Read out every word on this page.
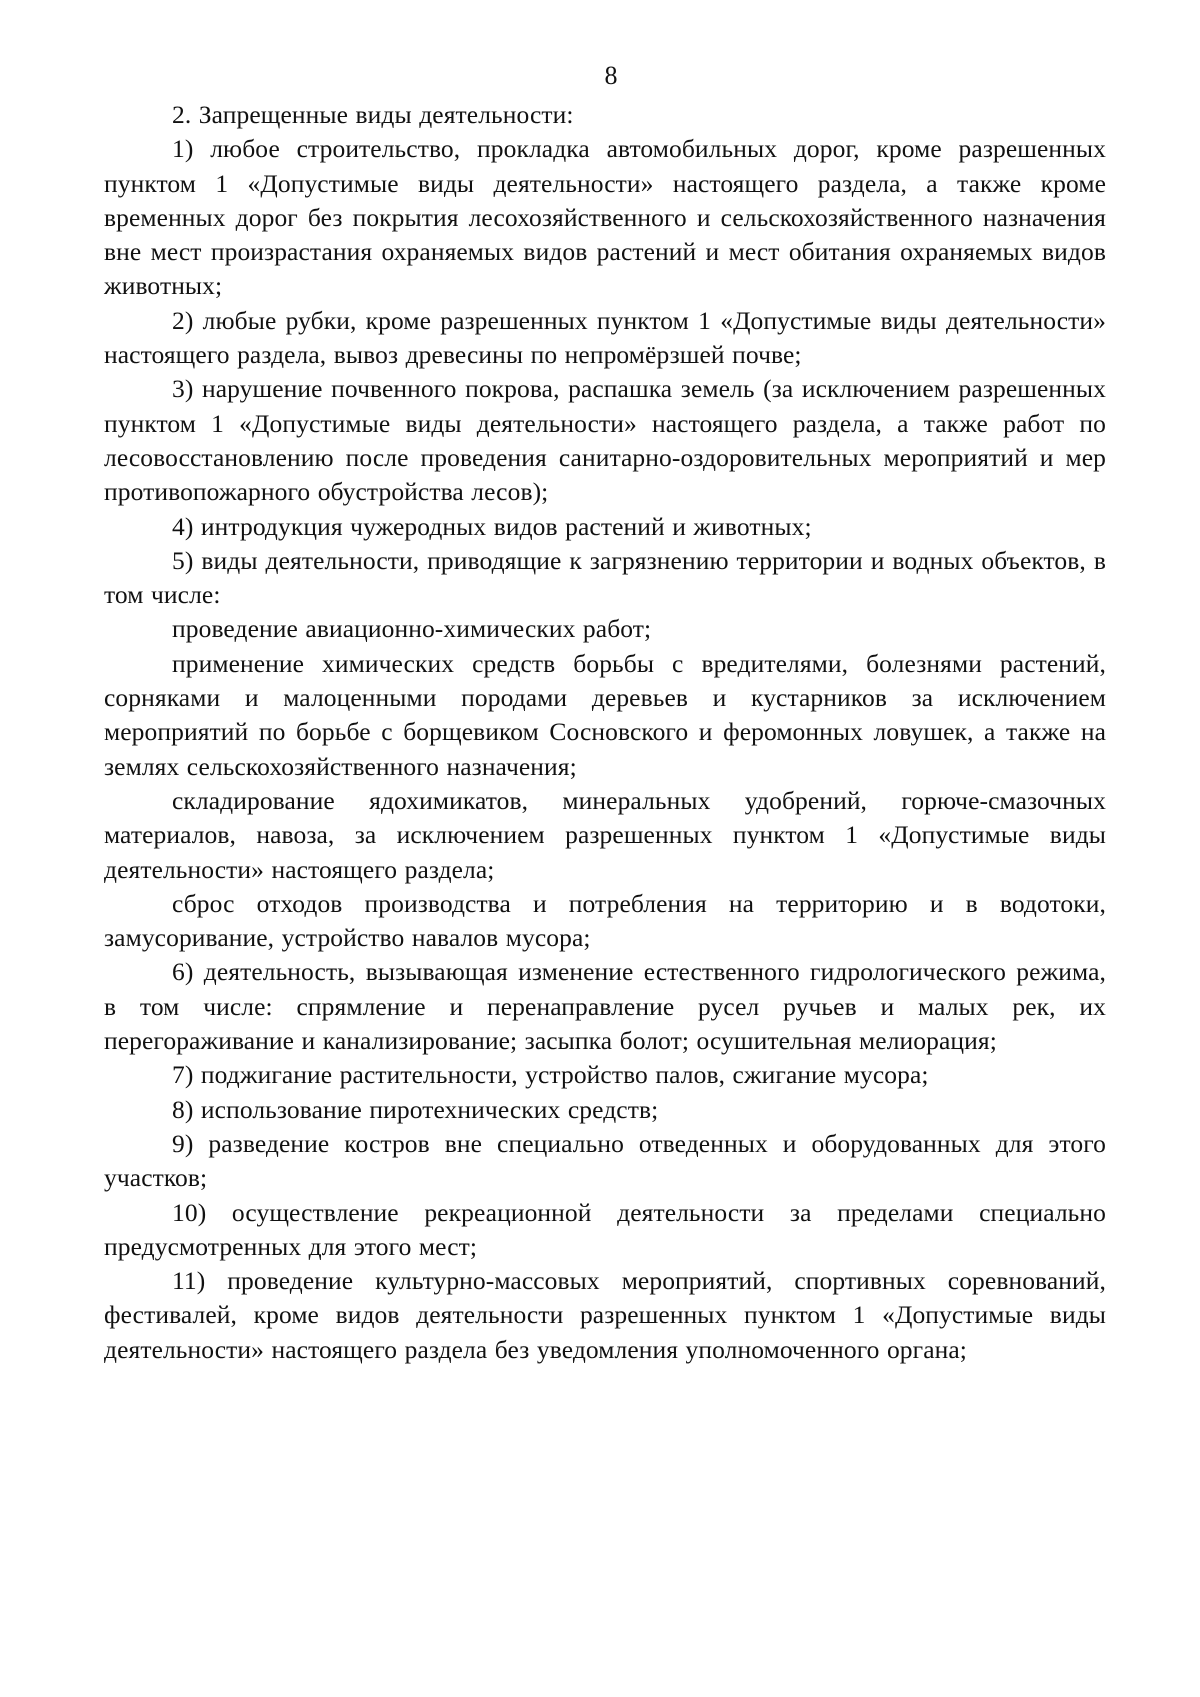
8

2. Запрещенные виды деятельности:

1) любое строительство, прокладка автомобильных дорог, кроме разрешенных пунктом 1 «Допустимые виды деятельности» настоящего раздела, а также кроме временных дорог без покрытия лесохозяйственного и сельскохозяйственного назначения вне мест произрастания охраняемых видов растений и мест обитания охраняемых видов животных;

2) любые рубки, кроме разрешенных пунктом 1 «Допустимые виды деятельности» настоящего раздела, вывоз древесины по непромёрзшей почве;

3) нарушение почвенного покрова, распашка земель (за исключением разрешенных пунктом 1 «Допустимые виды деятельности» настоящего раздела, а также работ по лесовосстановлению после проведения санитарно-оздоровительных мероприятий и мер противопожарного обустройства лесов);

4) интродукция чужеродных видов растений и животных;

5) виды деятельности, приводящие к загрязнению территории и водных объектов, в том числе:

проведение авиационно-химических работ;

применение химических средств борьбы с вредителями, болезнями растений, сорняками и малоценными породами деревьев и кустарников за исключением мероприятий по борьбе с борщевиком Сосновского и феромонных ловушек, а также на землях сельскохозяйственного назначения;

складирование ядохимикатов, минеральных удобрений, горюче-смазочных материалов, навоза, за исключением разрешенных пунктом 1 «Допустимые виды деятельности» настоящего раздела;

сброс отходов производства и потребления на территорию и в водотоки, замусоривание, устройство навалов мусора;

6) деятельность, вызывающая изменение естественного гидрологического режима, в том числе: спрямление и перенаправление русел ручьев и малых рек, их перегораживание и канализирование; засыпка болот; осушительная мелиорация;

7) поджигание растительности, устройство палов, сжигание мусора;

8) использование пиротехнических средств;

9) разведение костров вне специально отведенных и оборудованных для этого участков;

10) осуществление рекреационной деятельности за пределами специально предусмотренных для этого мест;

11) проведение культурно-массовых мероприятий, спортивных соревнований, фестивалей, кроме видов деятельности разрешенных пунктом 1 «Допустимые виды деятельности» настоящего раздела без уведомления уполномоченного органа;
